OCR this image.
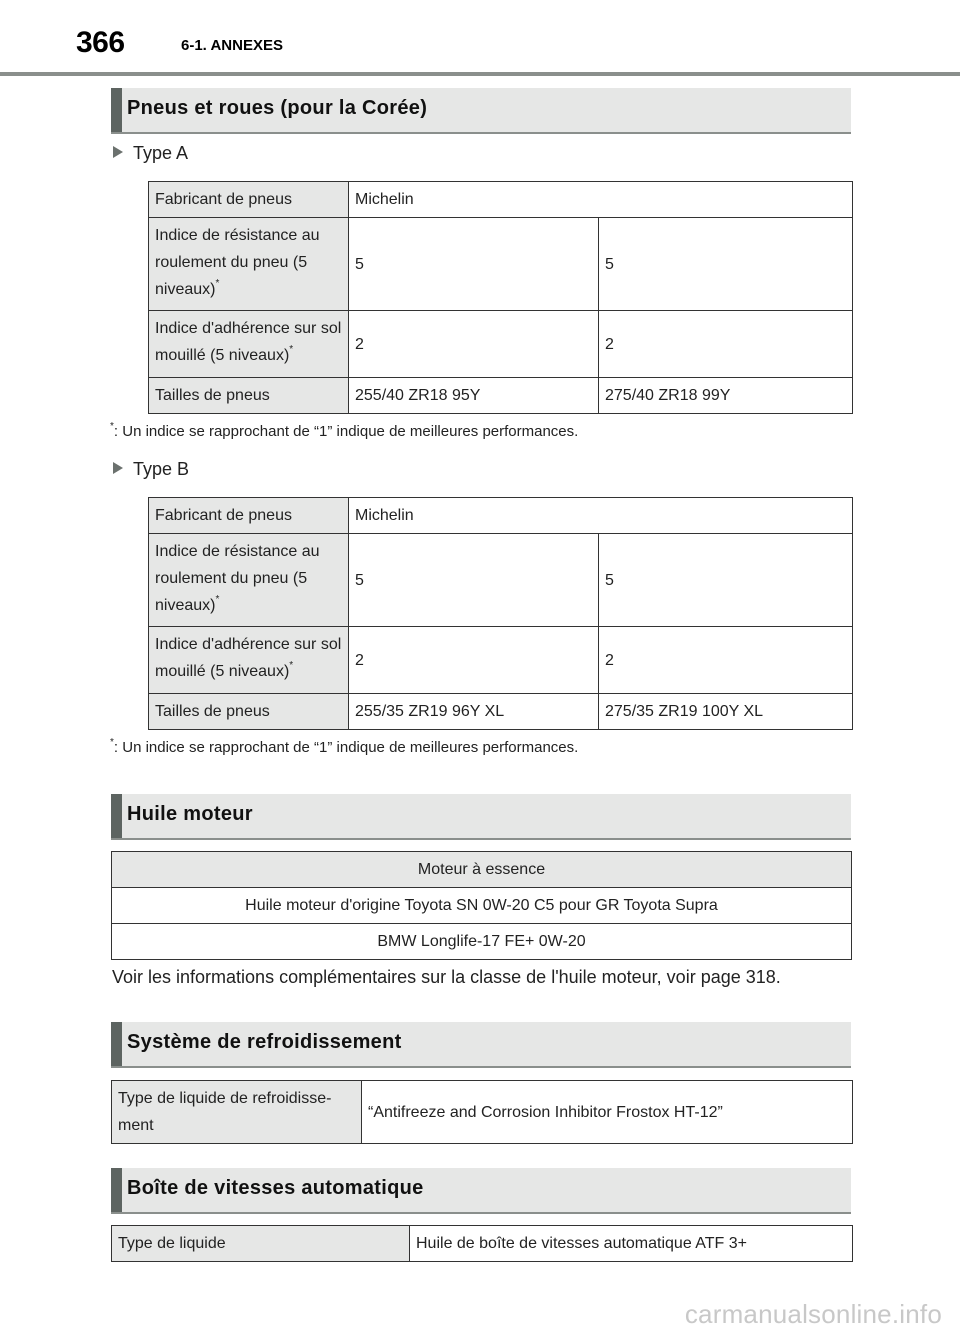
366	6-1. ANNEXES
Pneus et roues (pour la Corée)
Type A
Fabricant de pneus	Michelin	
Indice de résistance au roulement du pneu (5 niveaux)*	5	5
Indice d'adhérence sur sol mouillé (5 niveaux)*	2	2
Tailles de pneus	255/40 ZR18 95Y	275/40 ZR18 99Y
*: Un indice se rapprochant de “1” indique de meilleures performances.
Type B
Fabricant de pneus	Michelin	
Indice de résistance au roulement du pneu (5 niveaux)*	5	5
Indice d'adhérence sur sol mouillé (5 niveaux)*	2	2
Tailles de pneus	255/35 ZR19 96Y XL	275/35 ZR19 100Y XL
*: Un indice se rapprochant de “1” indique de meilleures performances.
Huile moteur
Moteur à essence
Huile moteur d'origine Toyota SN 0W-20 C5 pour GR Toyota Supra
BMW Longlife-17 FE+ 0W-20
Voir les informations complémentaires sur la classe de l'huile moteur, voir page 318.
Système de refroidissement
Type de liquide de refroidisse-ment	“Antifreeze and Corrosion Inhibitor Frostox HT-12”
Boîte de vitesses automatique
Type de liquide	Huile de boîte de vitesses automatique ATF 3+
carmanualsonline.info
